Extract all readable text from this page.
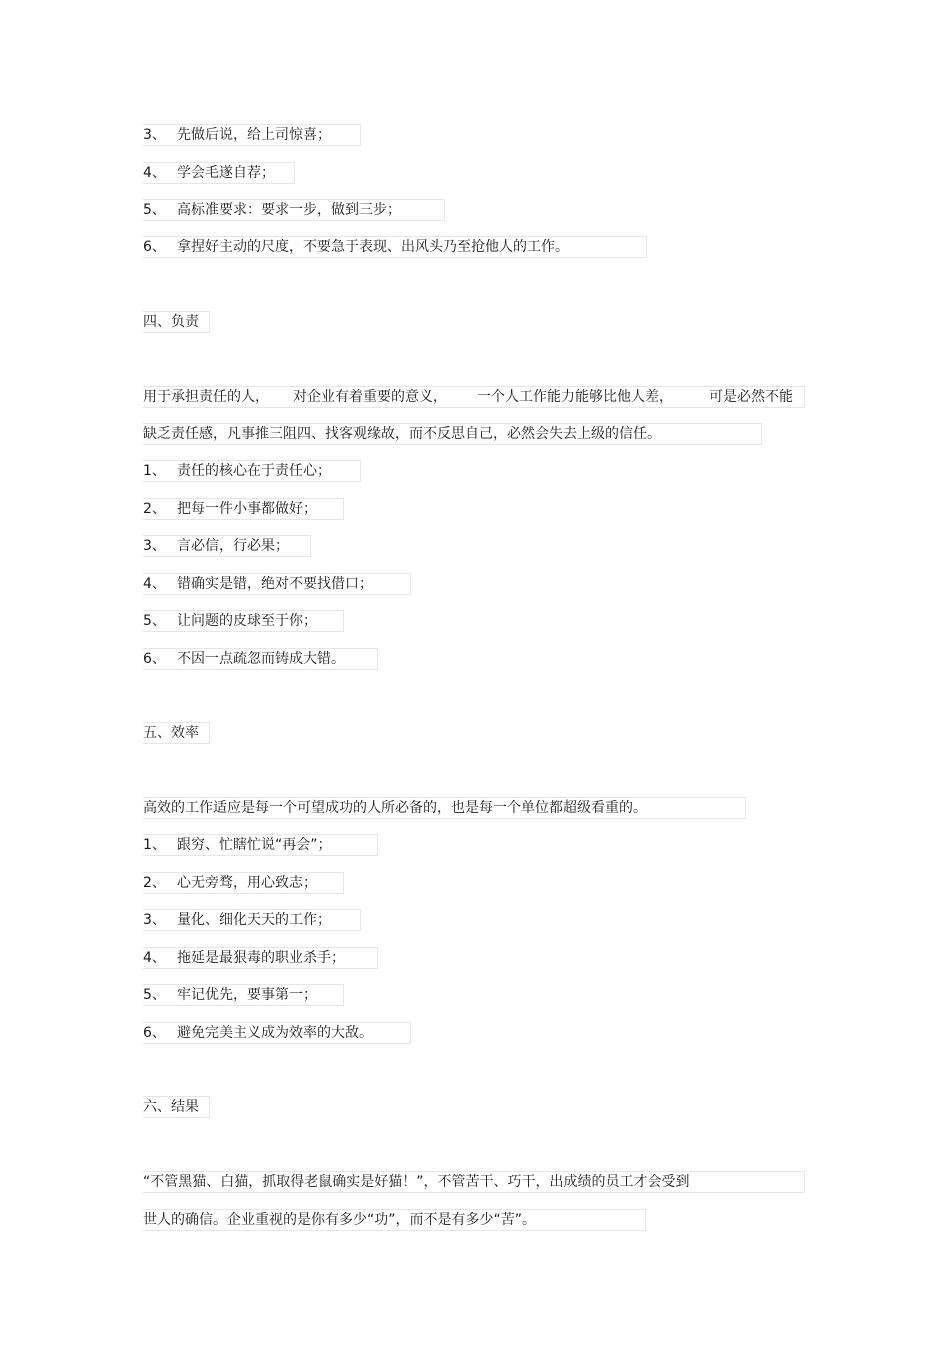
3、 先做后说，给上司惊喜；
4、 学会毛遂自荐；
5、 高标准要求：要求一步，做到三步；
6、 拿捏好主动的尺度，不要急于表现、出风头乃至抢他人的工作。
四、负责
用于承担责任的人， 对企业有着重要的意义， 一个人工作能力能够比他人差，	可是必然不能
缺乏责任感，凡事推三阻四、找客观缘故，而不反思自己，必然会失去上级的信任。
1、 责任的核心在于责任心；
2、 把每一件小事都做好；
3、 言必信，行必果；
4、 错确实是错，绝对不要找借口；
5、 让问题的皮球至于你；
6、 不因一点疏忽而铸成大错。
五、效率
高效的工作适应是每一个可望成功的人所必备的，也是每一个单位都超级看重的。
1、 跟穷、忙瞎忙说“再会”；
2、 心无旁骛，用心致志；
3、 量化、细化天天的工作；
4、 拖延是最狠毒的职业杀手；
5、 牢记优先，要事第一；
6、 避免完美主义成为效率的大敌。
六、结果
“不管黑猫、白猫，抓取得老鼠确实是好猫！”，不管苦干、巧干，出成绩的员工才会受到
世人的确信。企业重视的是你有多少“功”，而不是有多少“苦”。
